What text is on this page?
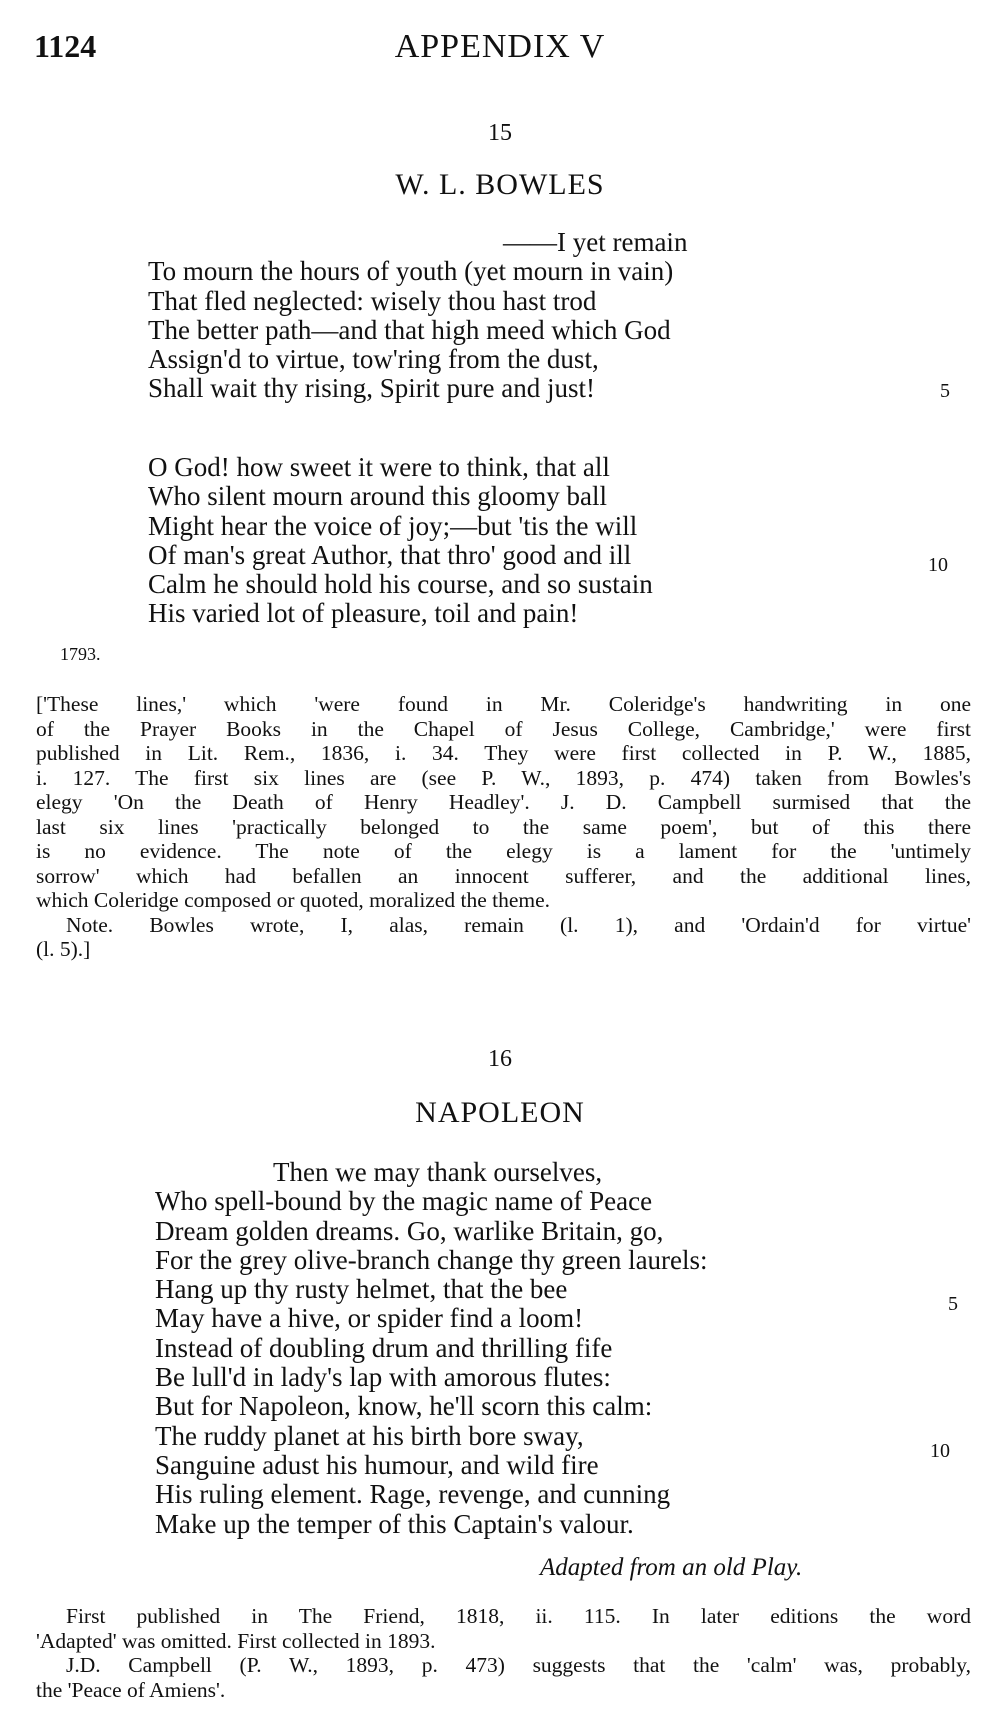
1124	APPENDIX V
15
W. L. BOWLES
——I yet remain
To mourn the hours of youth (yet mourn in vain)
That fled neglected: wisely thou hast trod
The better path—and that high meed which God
Assign'd to virtue, tow'ring from the dust,
Shall wait thy rising, Spirit pure and just!	5
O God! how sweet it were to think, that all
Who silent mourn around this gloomy ball
Might hear the voice of joy;—but 'tis the will
Of man's great Author, that thro' good and ill
Calm he should hold his course, and so sustain
His varied lot of pleasure, toil and pain!
10
1793.
['These lines,' which 'were found in Mr. Coleridge's handwriting in one
of the Prayer Books in the Chapel of Jesus College, Cambridge,' were first
published in Lit. Rem., 1836, i. 34. They were first collected in P. W., 1885,
i. 127. The first six lines are (see P. W., 1893, p. 474) taken from Bowles's
elegy 'On the Death of Henry Headley'. J. D. Campbell surmised that the
last six lines 'practically belonged to the same poem', but of this there
is no evidence. The note of the elegy is a lament for the 'untimely
sorrow' which had befallen an innocent sufferer, and the additional lines,
which Coleridge composed or quoted, moralized the theme.
Note. Bowles wrote, I, alas, remain (l. 1), and 'Ordain'd for virtue'
(l. 5).]
16
NAPOLEON
Then we may thank ourselves,
Who spell-bound by the magic name of Peace
Dream golden dreams. Go, warlike Britain, go,
For the grey olive-branch change thy green laurels:
Hang up thy rusty helmet, that the bee
May have a hive, or spider find a loom!
Instead of doubling drum and thrilling fife
Be lull'd in lady's lap with amorous flutes:
But for Napoleon, know, he'll scorn this calm:
The ruddy planet at his birth bore sway,
Sanguine adust his humour, and wild fire
His ruling element. Rage, revenge, and cunning
Make up the temper of this Captain's valour.
5
10
Adapted from an old Play.
First published in The Friend, 1818, ii. 115. In later editions the word
'Adapted' was omitted. First collected in 1893.
J.D. Campbell (P. W., 1893, p. 473) suggests that the 'calm' was, probably,
the 'Peace of Amiens'.
